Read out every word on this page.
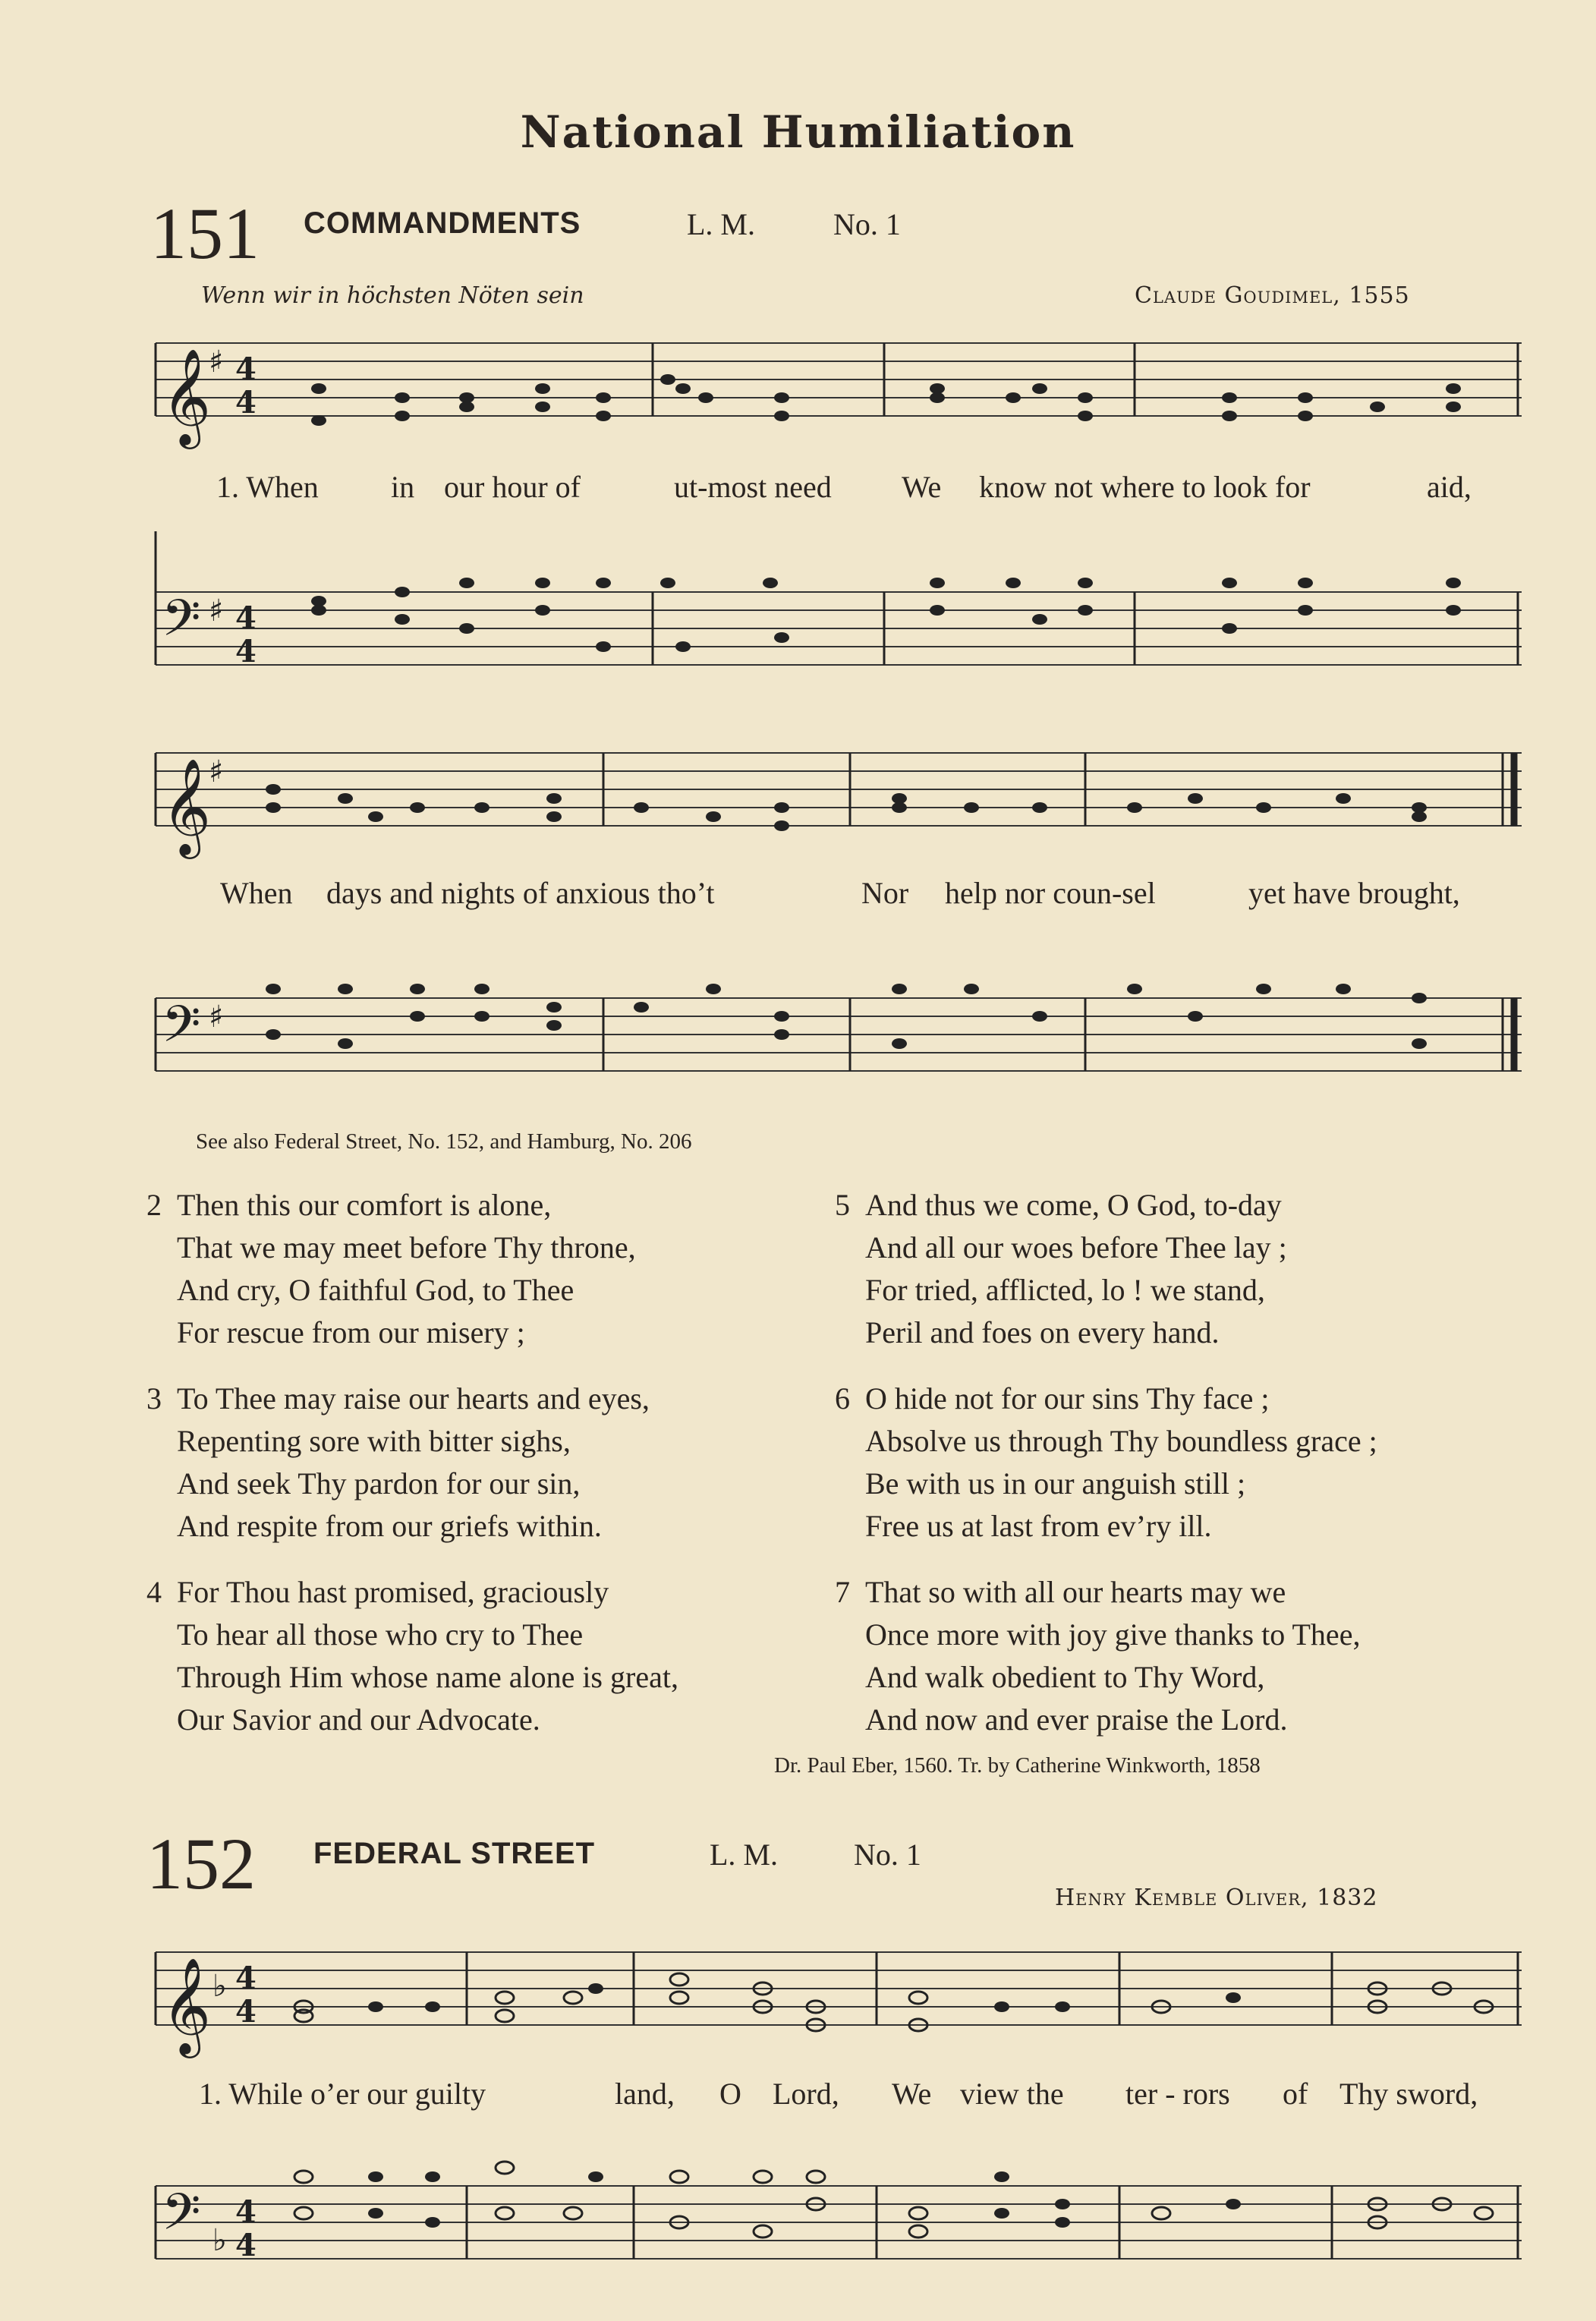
National Humiliation
151 COMMANDMENTS	L. M.	No. 1
Wenn wir in höchsten Nöten sein	Claude Goudimel, 1555
𝄞
♯ 4
4
1. When in our hour of	ut-most need We know not where to look for	aid,
𝄢 ♯ 4
4
𝄞
♯
When days and nights of anxious tho’t	Nor help nor coun-sel	yet have brought,
𝄢 ♯
See also Federal Street, No. 152, and Hamburg, No. 206
2 Then this our comfort is alone,
That we may meet before Thy throne,
And cry, O faithful God, to Thee
For rescue from our misery ;
3 To Thee may raise our hearts and eyes,
Repenting sore with bitter sighs,
And seek Thy pardon for our sin,
And respite from our griefs within.
4 For Thou hast promised, graciously
To hear all those who cry to Thee
Through Him whose name alone is great,
Our Savior and our Advocate.
5 And thus we come, O God, to-day
And all our woes before Thee lay ;
For tried, afflicted, lo ! we stand,
Peril and foes on every hand.
6 O hide not for our sins Thy face ;
Absolve us through Thy boundless grace ;
Be with us in our anguish still ;
Free us at last from ev’ry ill.
7 That so with all our hearts may we
Once more with joy give thanks to Thee,
And walk obedient to Thy Word,
And now and ever praise the Lord.
Dr. Paul Eber, 1560. Tr. by Catherine Winkworth, 1858
152 FEDERAL STREET	L. M.	No. 1
Henry Kemble Oliver, 1832
𝄞 ♭ 4
4
1. While o’er our guilty	land, O Lord, We view the ter - rors of Thy sword,
𝄢 ♭
4
4
